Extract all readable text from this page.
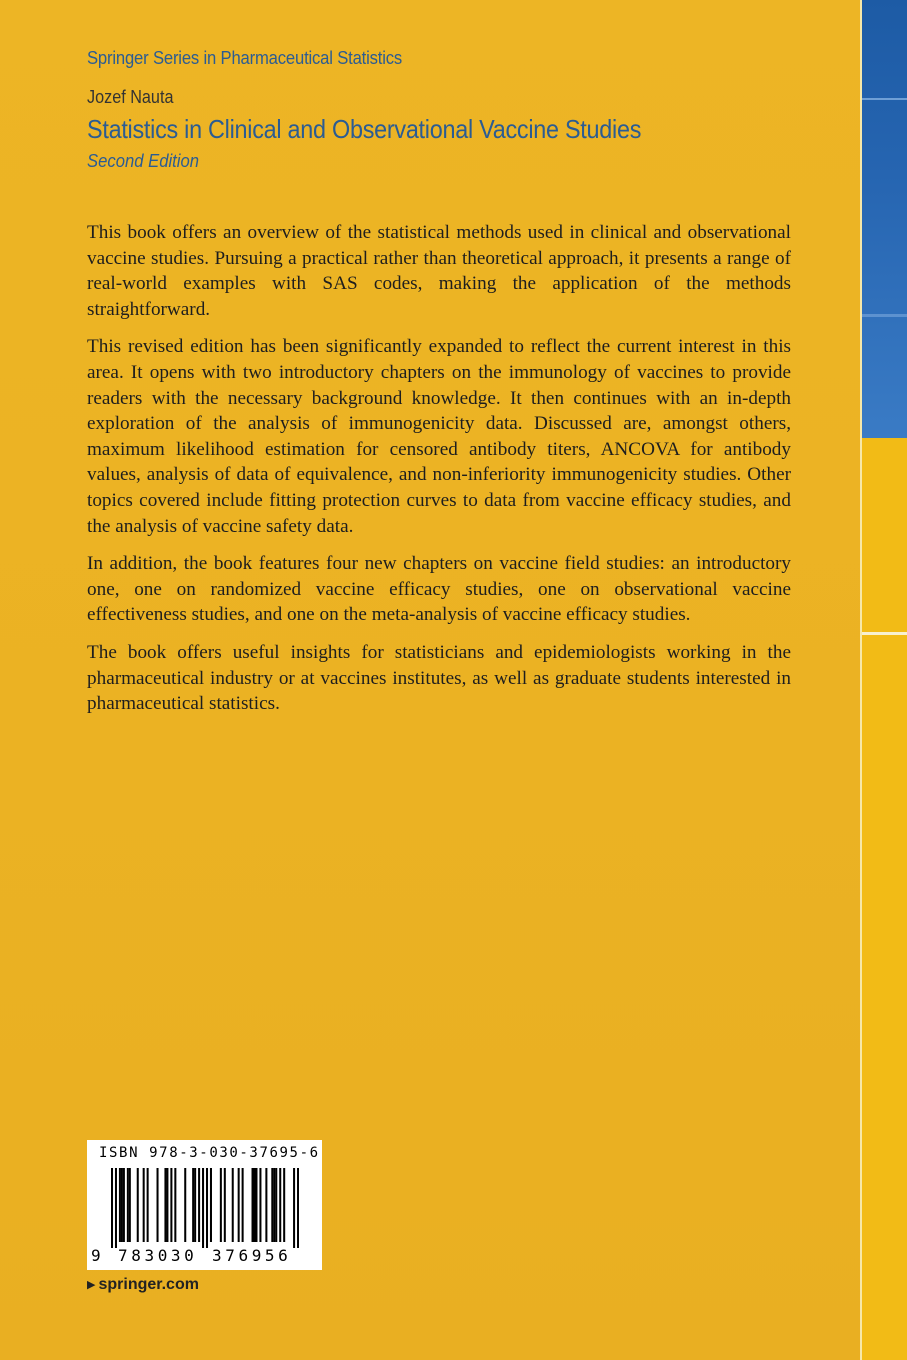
Springer Series in Pharmaceutical Statistics
Jozef Nauta
Statistics in Clinical and Observational Vaccine Studies
Second Edition

This book offers an overview of the statistical methods used in clinical and observational vaccine studies. Pursuing a practical rather than theoretical approach, it presents a range of real-world examples with SAS codes, making the application of the methods straightforward.

This revised edition has been significantly expanded to reflect the current interest in this area. It opens with two introductory chapters on the immunology of vaccines to provide readers with the necessary background knowledge. It then continues with an in-depth exploration of the analysis of immunogenicity data. Discussed are, amongst others, maximum likelihood estimation for censored antibody titers, ANCOVA for antibody values, analysis of data of equivalence, and non-inferiority immunogenicity studies. Other topics covered include fitting protection curves to data from vaccine efficacy studies, and the analysis of vaccine safety data.

In addition, the book features four new chapters on vaccine field studies: an introductory one, one on randomized vaccine efficacy studies, one on observational vaccine effectiveness studies, and one on the meta-analysis of vaccine efficacy studies.

The book offers useful insights for statisticians and epidemiologists working in the pharmaceutical industry or at vaccines institutes, as well as graduate students interested in pharmaceutical statistics.

ISBN 978-3-030-37695-6
9 783030 376956
▶ springer.com
